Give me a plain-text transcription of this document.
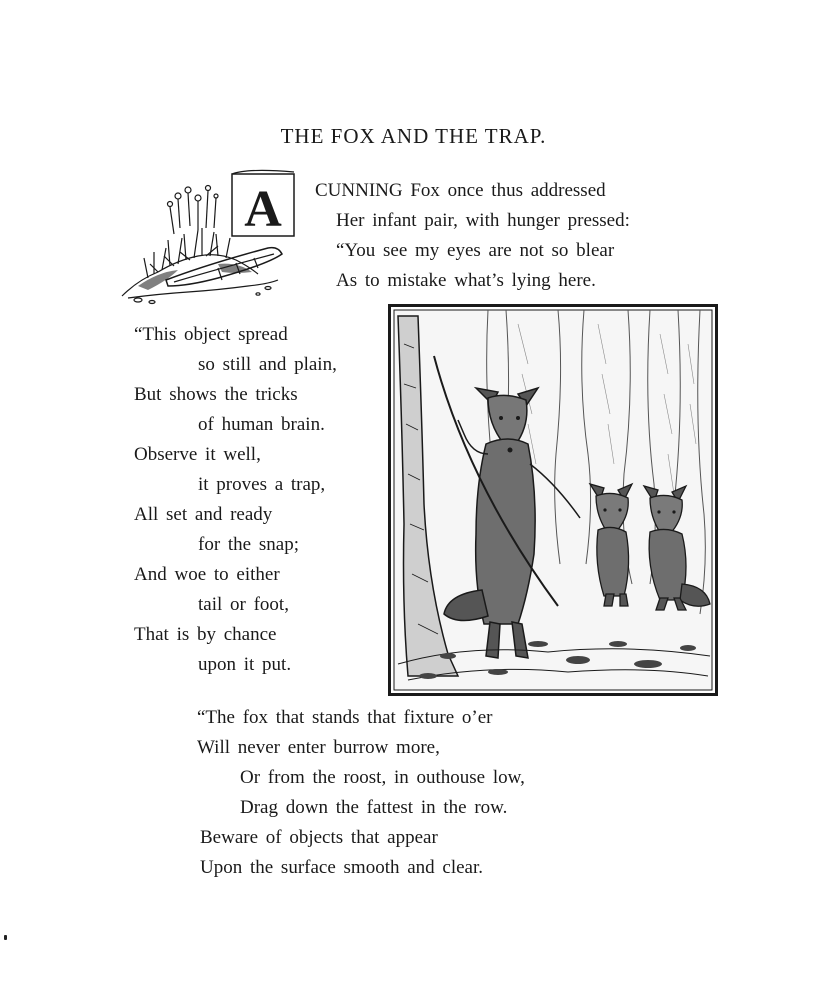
THE FOX AND THE TRAP.
A CUNNING Fox once thus addressed
Her infant pair, with hunger pressed:
“You see my eyes are not so blear
As to mistake what’s lying here.
“This object spread
so still and plain,
But shows the tricks
of human brain.
Observe it well,
it proves a trap,
All set and ready
for the snap;
And woe to either
tail or foot,
That is by chance
upon it put.
“The fox that stands that fixture o’er
Will never enter burrow more,
Or from the roost, in outhouse low,
Drag down the fattest in the row.
Beware of objects that appear
Upon the surface smooth and clear.
